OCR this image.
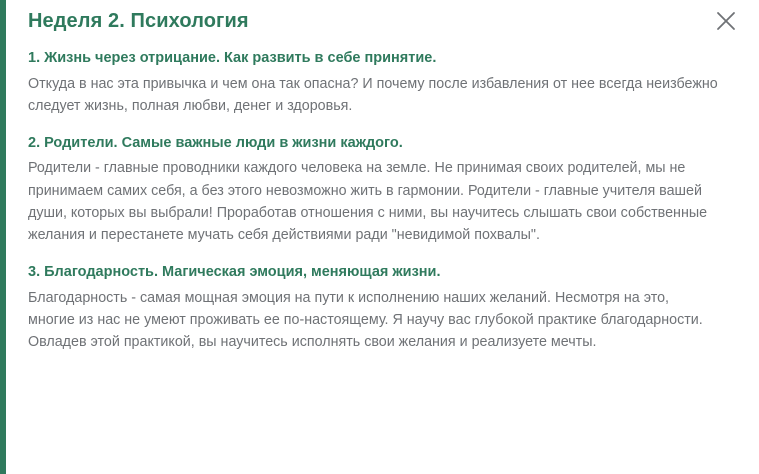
Неделя 2. Психология

1. Жизнь через отрицание. Как развить в себе принятие.

Откуда в нас эта привычка и чем она так опасна? И почему после избавления от нее всегда неизбежно следует жизнь, полная любви, денег и здоровья.

2. Родители. Самые важные люди в жизни каждого.

Родители - главные проводники каждого человека на земле. Не принимая своих родителей, мы не принимаем самих себя, а без этого невозможно жить в гармонии. Родители - главные учителя вашей души, которых вы выбрали! Проработав отношения с ними, вы научитесь слышать свои собственные желания и перестанете мучать себя действиями ради "невидимой похвалы".

3. Благодарность. Магическая эмоция, меняющая жизни.

Благодарность - самая мощная эмоция на пути к исполнению наших желаний. Несмотря на это, многие из нас не умеют проживать ее по-настоящему. Я научу вас глубокой практике благодарности. Овладев этой практикой, вы научитесь исполнять свои желания и реализуете мечты.
